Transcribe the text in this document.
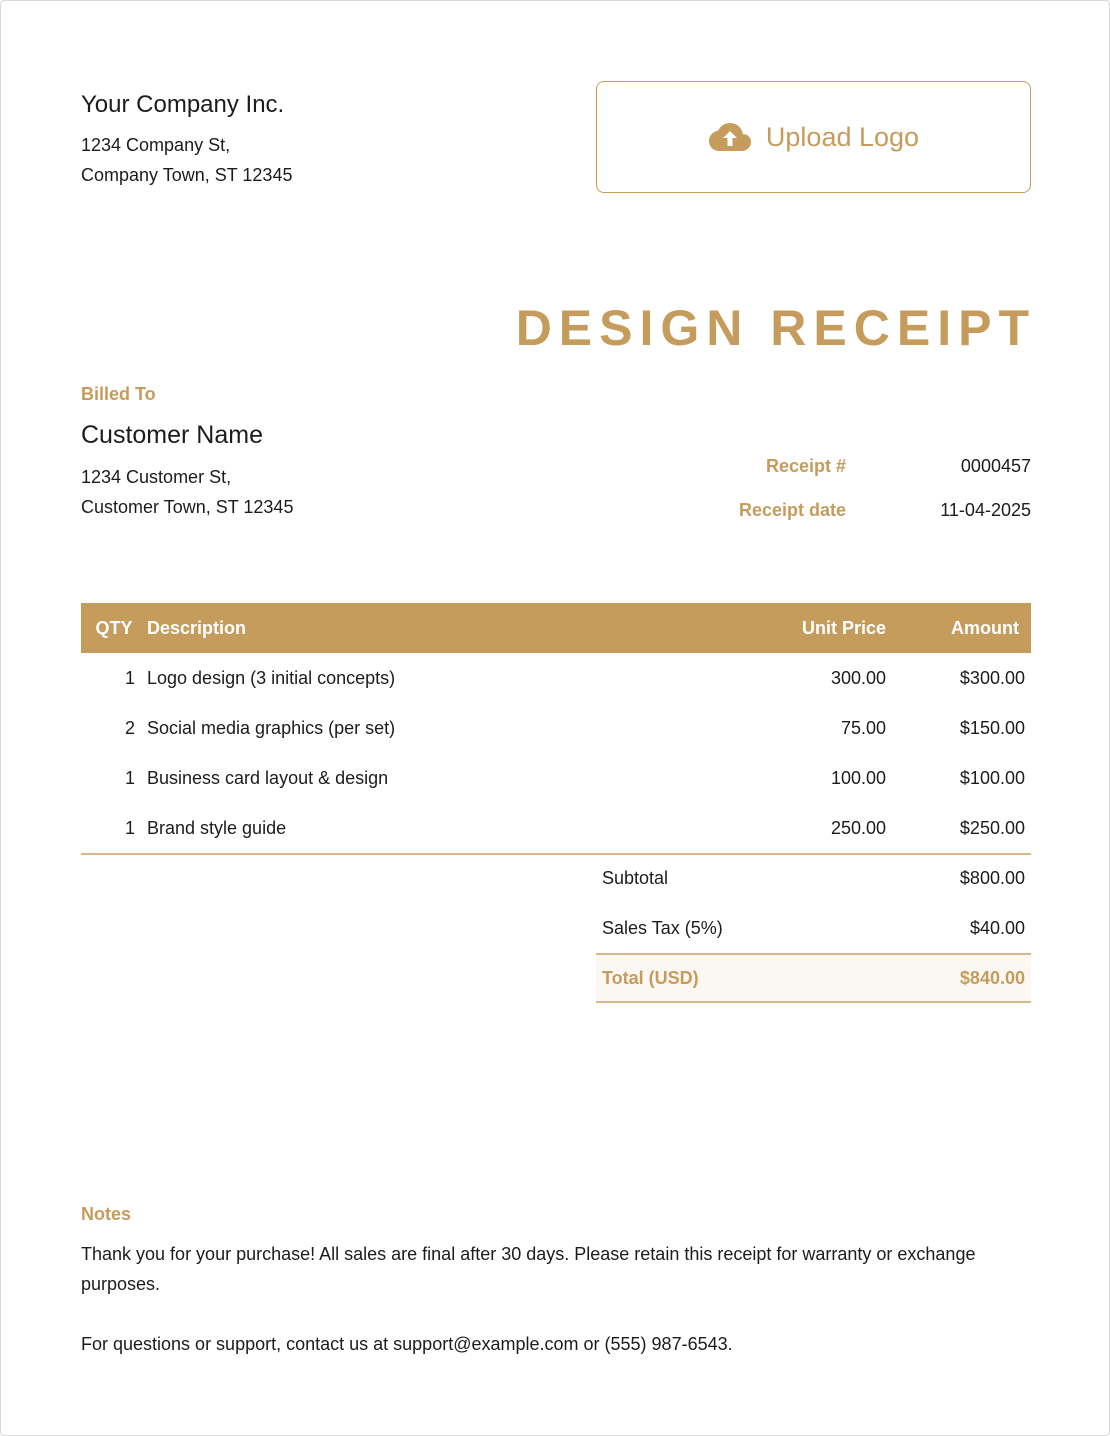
Your Company Inc.
1234 Company St,
Company Town, ST 12345
Upload Logo
DESIGN RECEIPT
Billed To
Customer Name
1234 Customer St,
Customer Town, ST 12345
Receipt #	0000457
Receipt date	11-04-2025
QTY Description	Unit Price	Amount
1 Logo design (3 initial concepts)	300.00	$300.00
2 Social media graphics (per set)	75.00	$150.00
1 Business card layout & design	100.00	$100.00
1 Brand style guide	250.00	$250.00
Subtotal	$800.00
Sales Tax (5%)	$40.00
Total (USD)	$840.00
Notes
Thank you for your purchase! All sales are final after 30 days. Please retain this receipt for warranty or exchange purposes.
For questions or support, contact us at support@example.com or (555) 987-6543.
